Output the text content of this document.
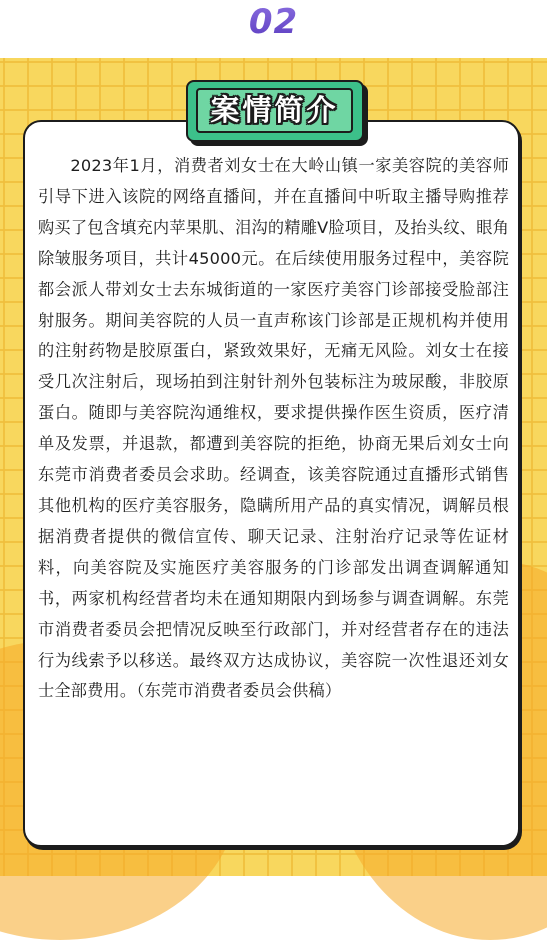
02
案情简介

2023年1月，消费者刘女士在大岭山镇一家美容院的美容师引导下进入该院的网络直播间，并在直播间中听取主播导购推荐购买了包含填充内苹果肌、泪沟的精雕V脸项目，及抬头纹、眼角除皱服务项目，共计45000元。在后续使用服务过程中，美容院都会派人带刘女士去东城街道的一家医疗美容门诊部接受脸部注射服务。期间美容院的人员一直声称该门诊部是正规机构并使用的注射药物是胶原蛋白，紧致效果好，无痛无风险。刘女士在接受几次注射后，现场拍到注射针剂外包装标注为玻尿酸，非胶原蛋白。随即与美容院沟通维权，要求提供操作医生资质，医疗清单及发票，并退款，都遭到美容院的拒绝，协商无果后刘女士向东莞市消费者委员会求助。经调查，该美容院通过直播形式销售其他机构的医疗美容服务，隐瞒所用产品的真实情况，调解员根据消费者提供的微信宣传、聊天记录、注射治疗记录等佐证材料，向美容院及实施医疗美容服务的门诊部发出调查调解通知书，两家机构经营者均未在通知期限内到场参与调查调解。东莞市消费者委员会把情况反映至行政部门，并对经营者存在的违法行为线索予以移送。最终双方达成协议，美容院一次性退还刘女士全部费用。（东莞市消费者委员会供稿）
